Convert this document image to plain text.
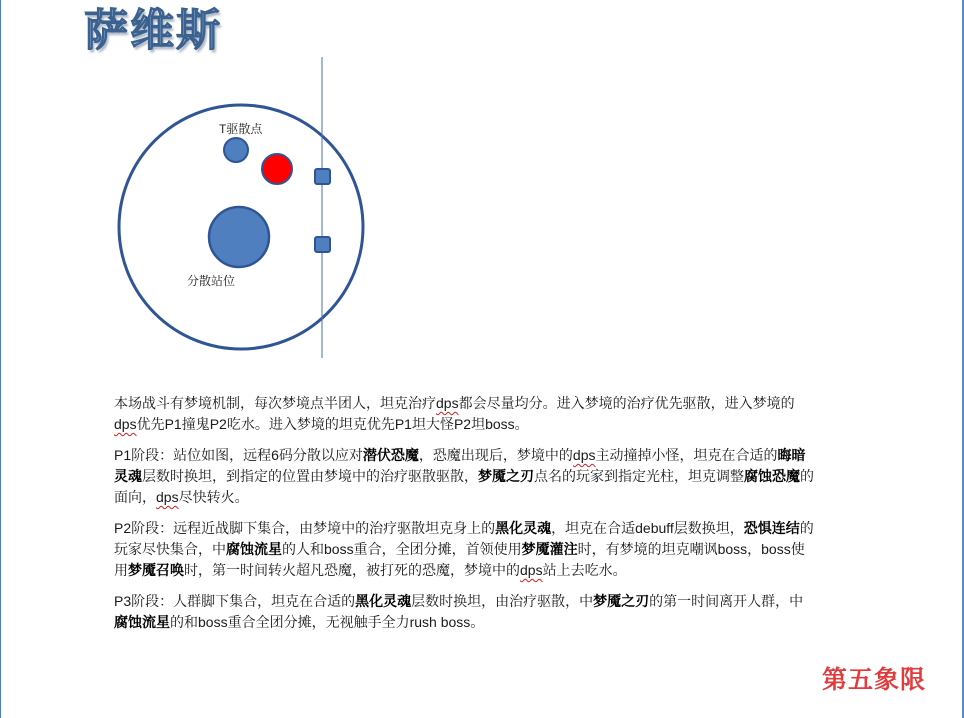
萨维斯
T驱散点
分散站位

本场战斗有梦境机制，每次梦境点半团人，坦克治疗dps都会尽量均分。进入梦境的治疗优先驱散，进入梦境的dps优先P1撞鬼P2吃水。进入梦境的坦克优先P1坦大怪P2坦boss。

P1阶段：站位如图，远程6码分散以应对潜伏恐魔，恐魔出现后，梦境中的dps主动撞掉小怪，坦克在合适的晦暗灵魂层数时换坦，到指定的位置由梦境中的治疗驱散驱散，梦魇之刃点名的玩家到指定光柱，坦克调整腐蚀恐魔的面向，dps尽快转火。

P2阶段：远程近战脚下集合，由梦境中的治疗驱散坦克身上的黑化灵魂，坦克在合适debuff层数换坦，恐惧连结的玩家尽快集合，中腐蚀流星的人和boss重合，全团分摊，首领使用梦魇灌注时，有梦境的坦克嘲讽boss，boss使用梦魇召唤时，第一时间转火超凡恐魔，被打死的恐魔，梦境中的dps站上去吃水。

P3阶段：人群脚下集合，坦克在合适的黑化灵魂层数时换坦，由治疗驱散，中梦魇之刃的第一时间离开人群，中腐蚀流星的和boss重合全团分摊，无视触手全力rush boss。

第五象限
